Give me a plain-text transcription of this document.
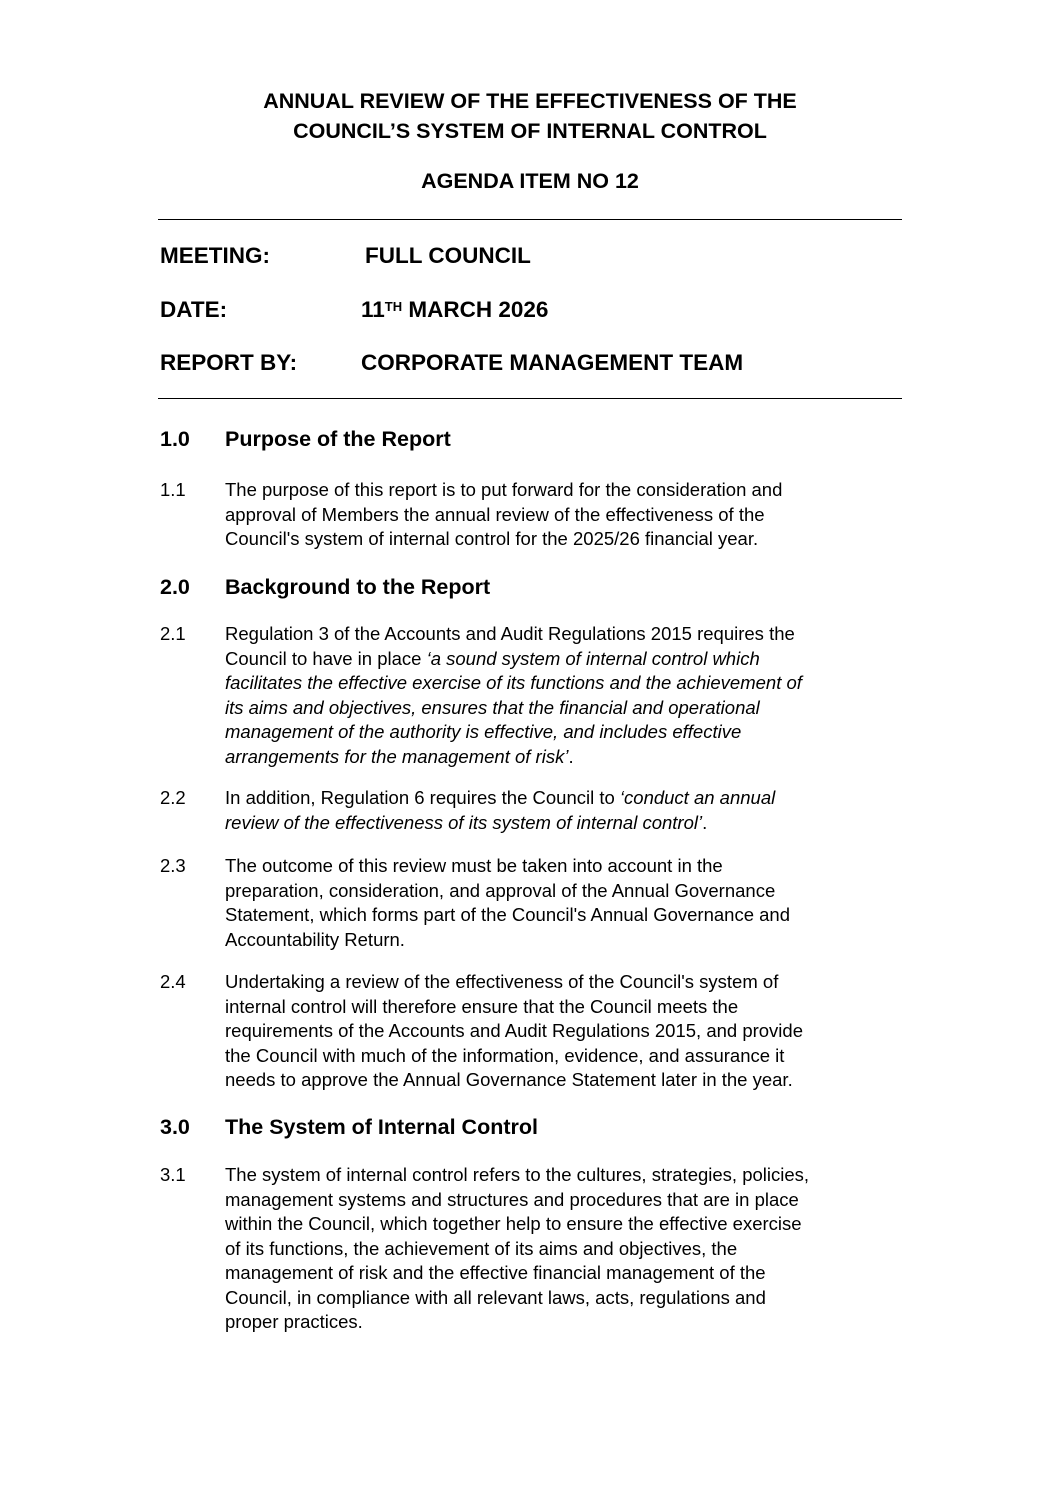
ANNUAL REVIEW OF THE EFFECTIVENESS OF THE
COUNCIL’S SYSTEM OF INTERNAL CONTROL
AGENDA ITEM NO 12
MEETING:	FULL COUNCIL
DATE:	11TH MARCH 2026
REPORT BY:	CORPORATE MANAGEMENT TEAM
1.0 Purpose of the Report
1.1 The purpose of this report is to put forward for the consideration and
approval of Members the annual review of the effectiveness of the
Council's system of internal control for the 2025/26 financial year.
2.0 Background to the Report
2.1 Regulation 3 of the Accounts and Audit Regulations 2015 requires the
Council to have in place ‘a sound system of internal control which
facilitates the effective exercise of its functions and the achievement of
its aims and objectives, ensures that the financial and operational
management of the authority is effective, and includes effective
arrangements for the management of risk’.
2.2 In addition, Regulation 6 requires the Council to ‘conduct an annual
review of the effectiveness of its system of internal control’.
2.3 The outcome of this review must be taken into account in the
preparation, consideration, and approval of the Annual Governance
Statement, which forms part of the Council's Annual Governance and
Accountability Return.
2.4 Undertaking a review of the effectiveness of the Council's system of
internal control will therefore ensure that the Council meets the
requirements of the Accounts and Audit Regulations 2015, and provide
the Council with much of the information, evidence, and assurance it
needs to approve the Annual Governance Statement later in the year.
3.0 The System of Internal Control
3.1 The system of internal control refers to the cultures, strategies, policies,
management systems and structures and procedures that are in place
within the Council, which together help to ensure the effective exercise
of its functions, the achievement of its aims and objectives, the
management of risk and the effective financial management of the
Council, in compliance with all relevant laws, acts, regulations and
proper practices.
